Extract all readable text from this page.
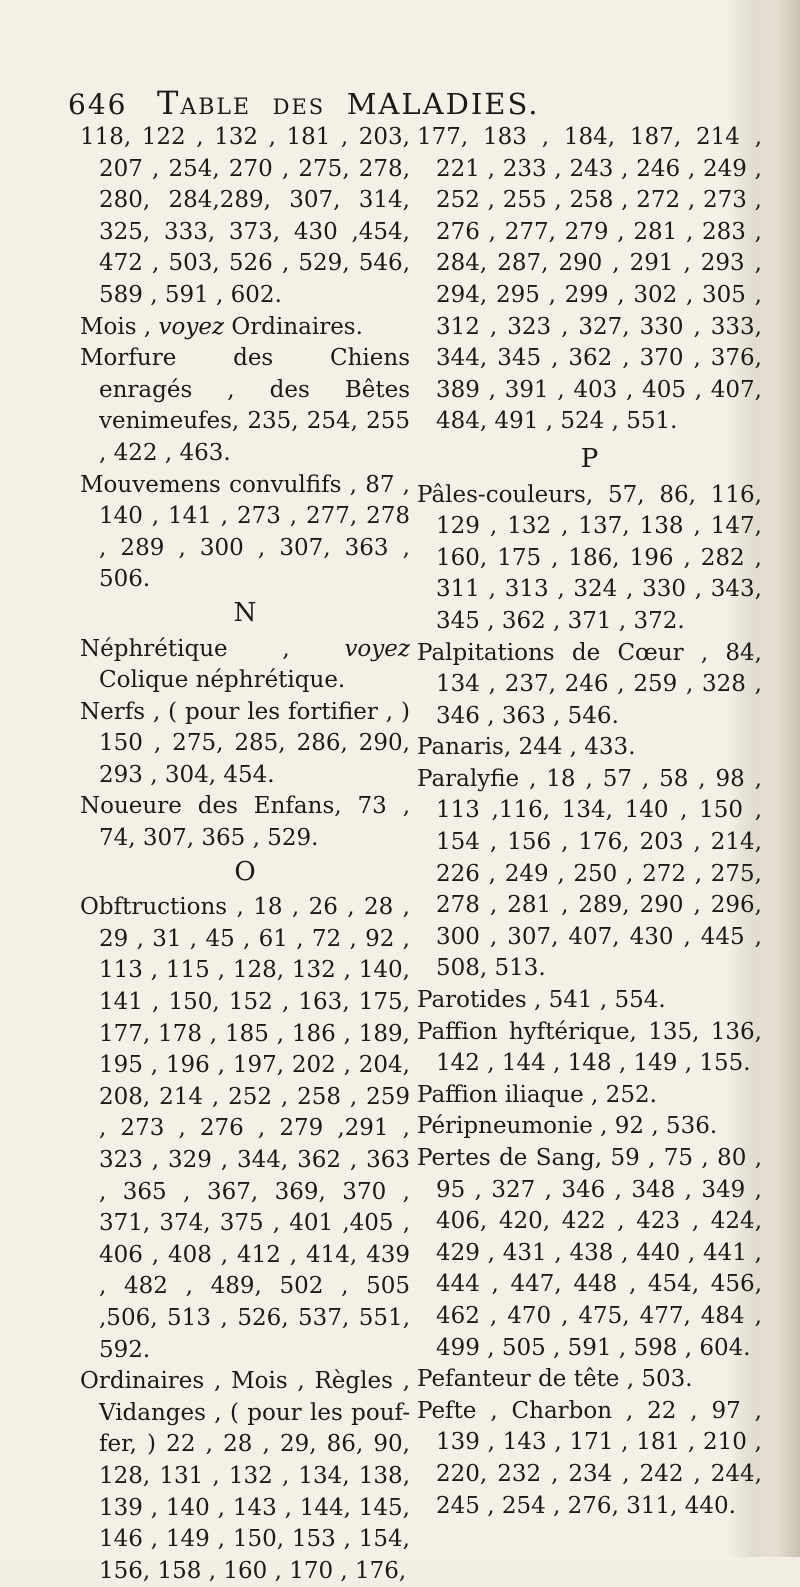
646 Table des MALADIES.

118, 122 , 132 , 181 , 203, 207 , 254, 270 , 275, 278, 280, 284,289, 307, 314, 325, 333, 373, 430 ,454, 472 , 503, 526 , 529, 546, 589 , 591 , 602.

Mois , voyez Ordinaires.

Morfure des Chiens enragés , des Bêtes venimeufes, 235, 254, 255 , 422 , 463.

Mouvemens convulfifs , 87 , 140 , 141 , 273 , 277, 278 , 289 , 300 , 307, 363 , 506.

N

Néphrétique , voyez Colique néphrétique.

Nerfs , ( pour les fortifier , ) 150 , 275, 285, 286, 290, 293 , 304, 454.

Noueure des Enfans, 73 , 74, 307, 365 , 529.

O

Obftructions , 18 , 26 , 28 , 29 , 31 , 45 , 61 , 72 , 92 , 113 , 115 , 128, 132 , 140, 141 , 150, 152 , 163, 175, 177, 178 , 185 , 186 , 189, 195 , 196 , 197, 202 , 204, 208, 214 , 252 , 258 , 259 , 273 , 276 , 279 ,291 , 323 , 329 , 344, 362 , 363 , 365 , 367, 369, 370 , 371, 374, 375 , 401 ,405 , 406 , 408 , 412 , 414, 439 , 482 , 489, 502 , 505 ,506, 513 , 526, 537, 551, 592.

Ordinaires , Mois , Règles , Vidanges , ( pour les pouf- fer, ) 22 , 28 , 29, 86, 90, 128, 131 , 132 , 134, 138, 139 , 140 , 143 , 144, 145, 146 , 149 , 150, 153 , 154, 156, 158 , 160 , 170 , 176,

177, 183 , 184, 187, 214 , 221 , 233 , 243 , 246 , 249 , 252 , 255 , 258 , 272 , 273 , 276 , 277, 279 , 281 , 283 , 284, 287, 290 , 291 , 293 , 294, 295 , 299 , 302 , 305 , 312 , 323 , 327, 330 , 333, 344, 345 , 362 , 370 , 376, 389 , 391 , 403 , 405 , 407, 484, 491 , 524 , 551.

P

Pâles-couleurs, 57, 86, 116, 129 , 132 , 137, 138 , 147, 160, 175 , 186, 196 , 282 , 311 , 313 , 324 , 330 , 343, 345 , 362 , 371 , 372.

Palpitations de Cœur , 84, 134 , 237, 246 , 259 , 328 , 346 , 363 , 546.

Panaris, 244 , 433.

Paralyfie , 18 , 57 , 58 , 98 , 113 ,116, 134, 140 , 150 , 154 , 156 , 176, 203 , 214, 226 , 249 , 250 , 272 , 275, 278 , 281 , 289, 290 , 296, 300 , 307, 407, 430 , 445 , 508, 513.

Parotides , 541 , 554.

Paffion hyftérique, 135, 136, 142 , 144 , 148 , 149 , 155.

Paffion iliaque , 252.

Péripneumonie , 92 , 536.

Pertes de Sang, 59 , 75 , 80 , 95 , 327 , 346 , 348 , 349 , 406, 420, 422 , 423 , 424, 429 , 431 , 438 , 440 , 441 , 444 , 447, 448 , 454, 456, 462 , 470 , 475, 477, 484 , 499 , 505 , 591 , 598 , 604.

Pefanteur de tête , 503.

Pefte , Charbon , 22 , 97 , 139 , 143 , 171 , 181 , 210 , 220, 232 , 234 , 242 , 244, 245 , 254 , 276, 311, 440.
